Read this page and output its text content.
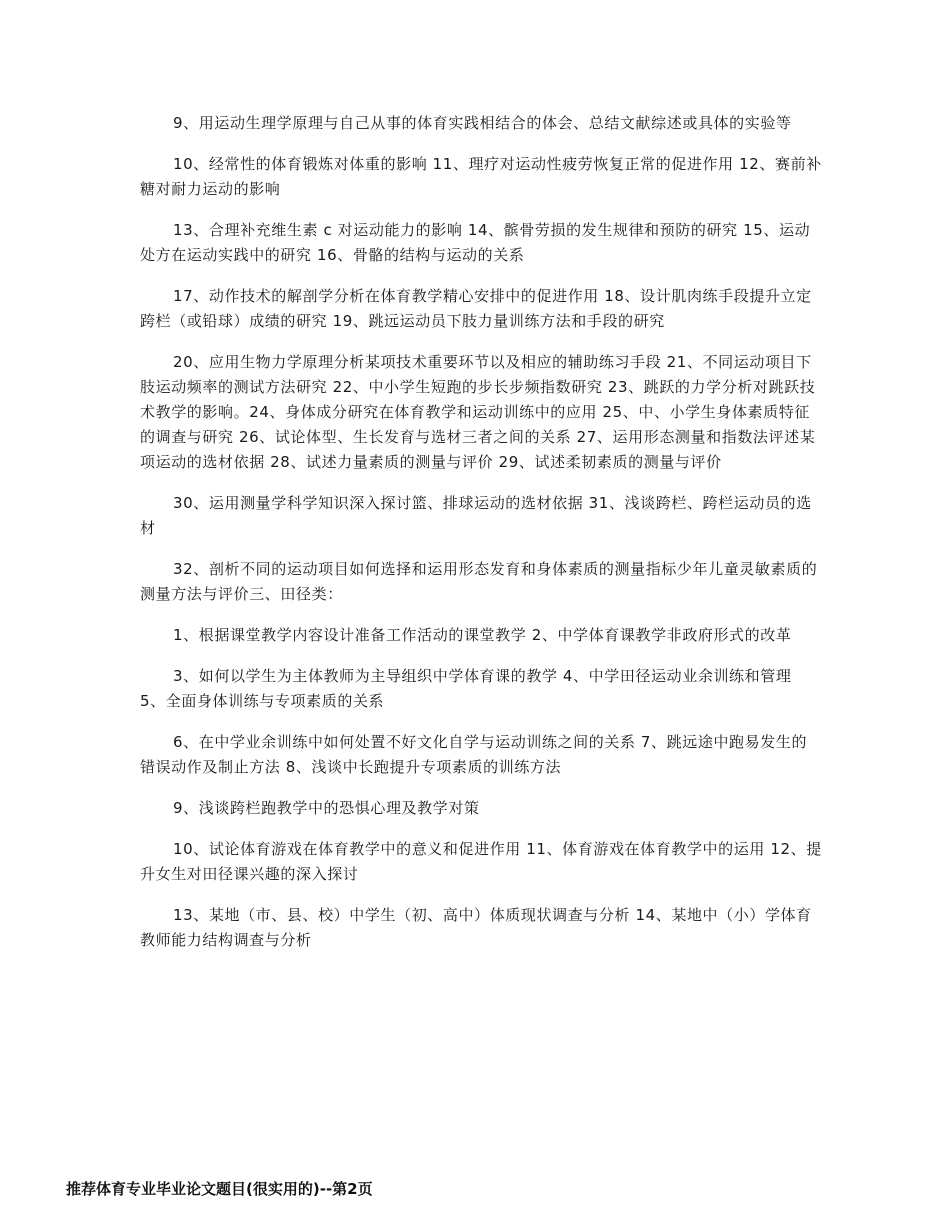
9、用运动生理学原理与自己从事的体育实践相结合的体会、总结文献综述或具体的实验等

10、经常性的体育锻炼对体重的影响 11、理疗对运动性疲劳恢复正常的促进作用 12、赛前补糖对耐力运动的影响

13、合理补充维生素 c 对运动能力的影响 14、髌骨劳损的发生规律和预防的研究 15、运动处方在运动实践中的研究 16、骨骼的结构与运动的关系

17、动作技术的解剖学分析在体育教学精心安排中的促进作用 18、设计肌肉练手段提升立定跨栏（或铅球）成绩的研究 19、跳远运动员下肢力量训练方法和手段的研究

20、应用生物力学原理分析某项技术重要环节以及相应的辅助练习手段 21、不同运动项目下肢运动频率的测试方法研究 22、中小学生短跑的步长步频指数研究 23、跳跃的力学分析对跳跃技术教学的影响。24、身体成分研究在体育教学和运动训练中的应用 25、中、小学生身体素质特征的调查与研究 26、试论体型、生长发育与选材三者之间的关系 27、运用形态测量和指数法评述某项运动的选材依据 28、试述力量素质的测量与评价 29、试述柔韧素质的测量与评价

30、运用测量学科学知识深入探讨篮、排球运动的选材依据 31、浅谈跨栏、跨栏运动员的选材

32、剖析不同的运动项目如何选择和运用形态发育和身体素质的测量指标少年儿童灵敏素质的测量方法与评价三、田径类：

1、根据课堂教学内容设计准备工作活动的课堂教学 2、中学体育课教学非政府形式的改革

3、如何以学生为主体教师为主导组织中学体育课的教学 4、中学田径运动业余训练和管理 5、全面身体训练与专项素质的关系

6、在中学业余训练中如何处置不好文化自学与运动训练之间的关系 7、跳远途中跑易发生的错误动作及制止方法 8、浅谈中长跑提升专项素质的训练方法

9、浅谈跨栏跑教学中的恐惧心理及教学对策

10、试论体育游戏在体育教学中的意义和促进作用 11、体育游戏在体育教学中的运用 12、提升女生对田径课兴趣的深入探讨

13、某地（市、县、校）中学生（初、高中）体质现状调查与分析 14、某地中（小）学体育教师能力结构调查与分析

推荐体育专业毕业论文题目(很实用的)--第2页
